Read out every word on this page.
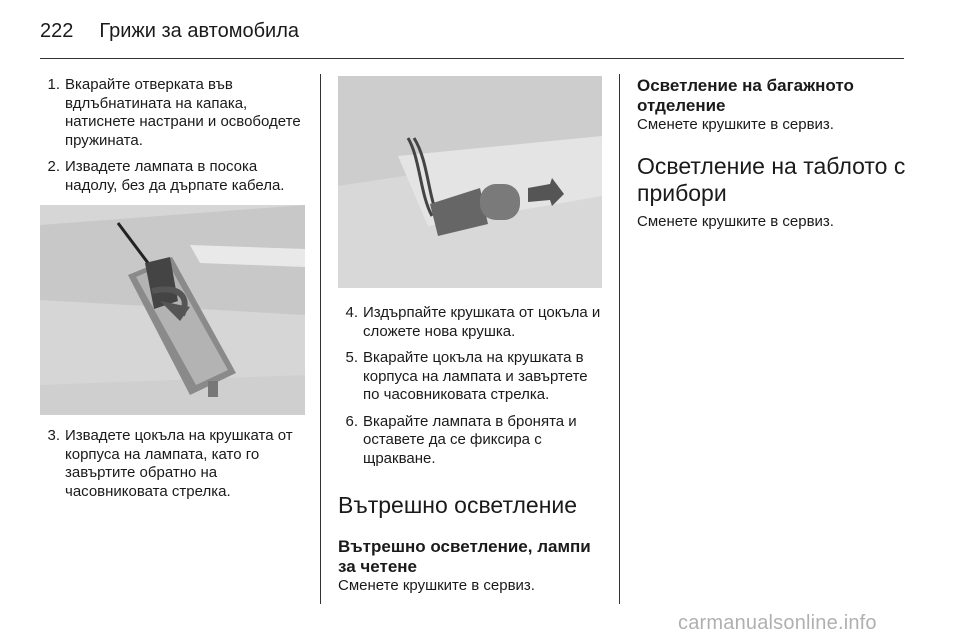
222 Грижи за автомобила
1. Вкарайте отверката във вдлъбнатината на капака, натиснете настрани и освободете пружината.
2. Извадете лампата в посока надолу, без да дърпате кабела.
3. Извадете цокъла на крушката от корпуса на лампата, като го завъртите обратно на часовниковата стрелка.
4. Издърпайте крушката от цокъла и сложете нова крушка.
5. Вкарайте цокъла на крушката в корпуса на лампата и завъртете по часовниковата стрелка.
6. Вкарайте лампата в бронята и оставете да се фиксира с щракване.
Вътрешно осветление
Вътрешно осветление, лампи за четене

Сменете крушките в сервиз.

Осветление на багажното отделение

Сменете крушките в сервиз.

Осветление на таблото с прибори

Сменете крушките в сервиз.

carmanualsonline.info
